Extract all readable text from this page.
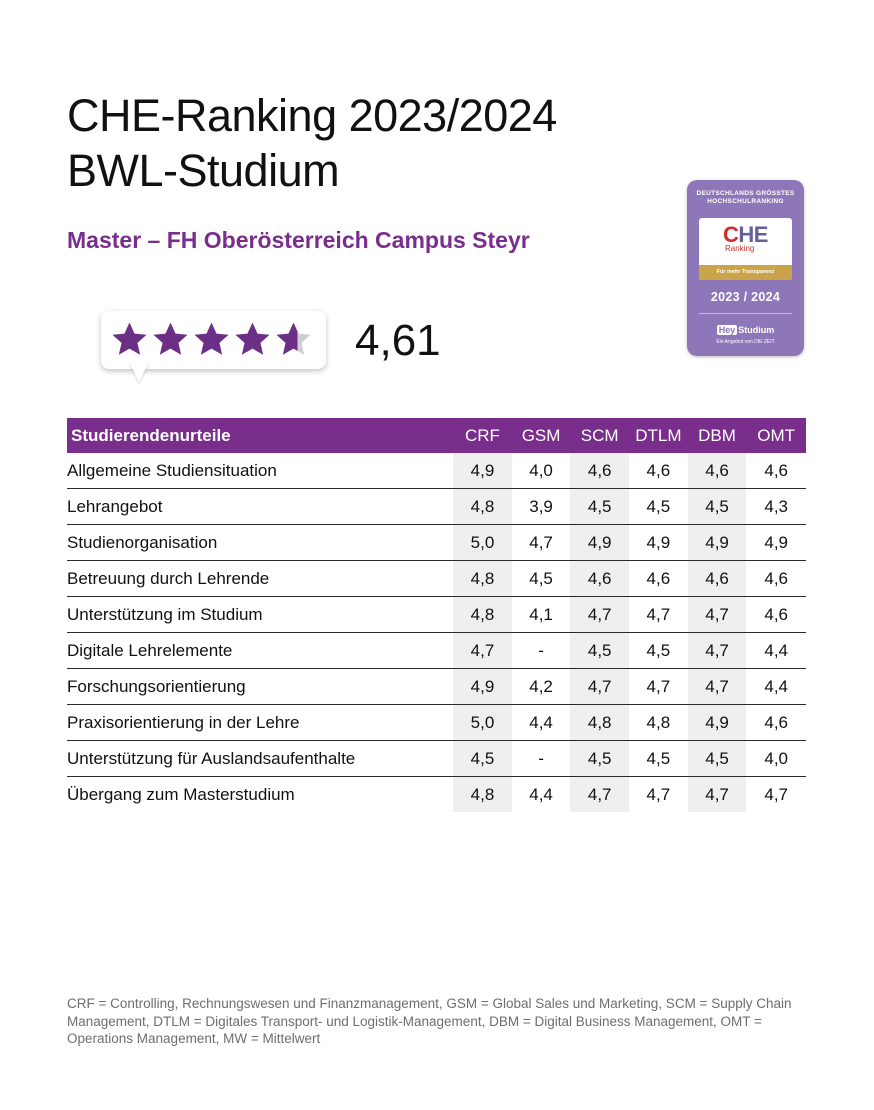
CHE-Ranking 2023/2024
BWL-Studium
Master – FH Oberösterreich Campus Steyr
4,61
DEUTSCHLANDS GRÖSSTES
HOCHSCHULRANKING
CHE
Ranking
Für mehr Transparenz
2023 / 2024
Hey Studium
Ein Angebot von DIE ZEIT
Studierendenurteile	CRF	GSM	SCM	DTLM	DBM	OMT
Allgemeine Studiensituation	4,9	4,0	4,6	4,6	4,6	4,6
Lehrangebot	4,8	3,9	4,5	4,5	4,5	4,3
Studienorganisation	5,0	4,7	4,9	4,9	4,9	4,9
Betreuung durch Lehrende	4,8	4,5	4,6	4,6	4,6	4,6
Unterstützung im Studium	4,8	4,1	4,7	4,7	4,7	4,6
Digitale Lehrelemente	4,7	-	4,5	4,5	4,7	4,4
Forschungsorientierung	4,9	4,2	4,7	4,7	4,7	4,4
Praxisorientierung in der Lehre	5,0	4,4	4,8	4,8	4,9	4,6
Unterstützung für Auslandsaufenthalte	4,5	-	4,5	4,5	4,5	4,0
Übergang zum Masterstudium	4,8	4,4	4,7	4,7	4,7	4,7
CRF = Controlling, Rechnungswesen und Finanzmanagement, GSM = Global Sales und Marketing, SCM = Supply Chain Management, DTLM = Digitales Transport- und Logistik-Management, DBM = Digital Business Management, OMT = Operations Management, MW = Mittelwert
